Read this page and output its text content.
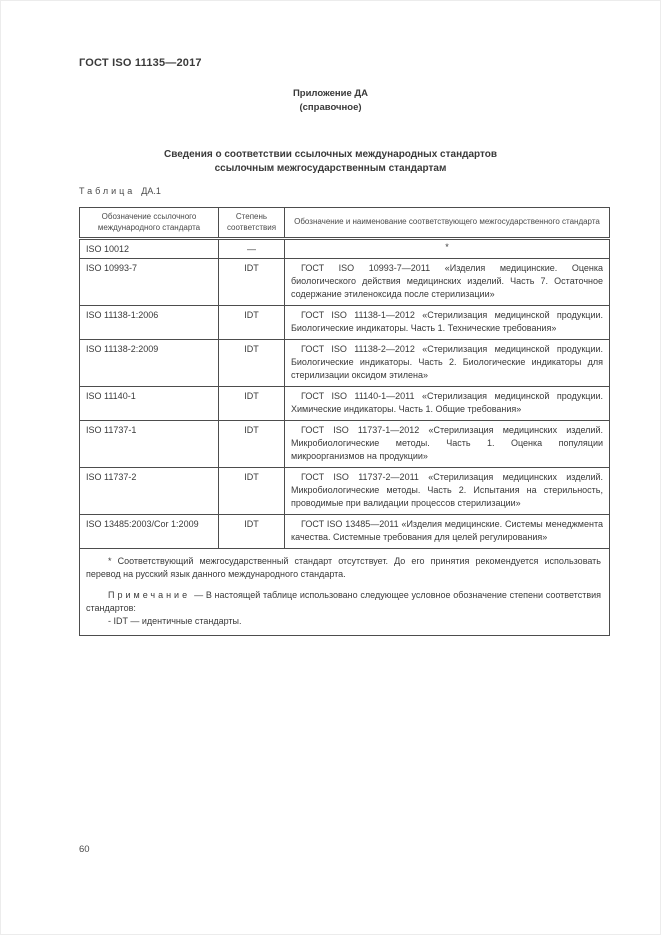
ГОСТ ISO 11135—2017
Приложение ДА
(справочное)
Сведения о соответствии ссылочных международных стандартов
ссылочным межгосударственным стандартам
Таблица ДА.1
Обозначение ссылочного международного стандарта	Степень соответствия	Обозначение и наименование соответствующего межгосударственного стандарта
ISO 10012	—	*
ISO 10993-7	IDT	ГОСТ ISO 10993-7—2011 «Изделия медицинские. Оценка биологического действия медицинских изделий. Часть 7. Остаточное содержание этиленоксида после стерилизации»
ISO 11138-1:2006	IDT	ГОСТ ISO 11138-1—2012 «Стерилизация медицинской продукции. Биологические индикаторы. Часть 1. Технические требования»
ISO 11138-2:2009	IDT	ГОСТ ISO 11138-2—2012 «Стерилизация медицинской продукции. Биологические индикаторы. Часть 2. Биологические индикаторы для стерилизации оксидом этилена»
ISO 11140-1	IDT	ГОСТ ISO 11140-1—2011 «Стерилизация медицинской продукции. Химические индикаторы. Часть 1. Общие требования»
ISO 11737-1	IDT	ГОСТ ISO 11737-1—2012 «Стерилизация медицинских изделий. Микробиологические методы. Часть 1. Оценка популяции микроорганизмов на продукции»
ISO 11737-2	IDT	ГОСТ ISO 11737-2—2011 «Стерилизация медицинских изделий. Микробиологические методы. Часть 2. Испытания на стерильность, проводимые при валидации процессов стерилизации»
ISO 13485:2003/Cor 1:2009	IDT	ГОСТ ISO 13485—2011 «Изделия медицинские. Системы менеджмента качества. Системные требования для целей регулирования»

* Соответствующий межгосударственный стандарт отсутствует. До его принятия рекомендуется использовать перевод на русский язык данного международного стандарта.

Примечание — В настоящей таблице использовано следующее условное обозначение степени соответствия стандартов:

- IDT — идентичные стандарты.		

60
